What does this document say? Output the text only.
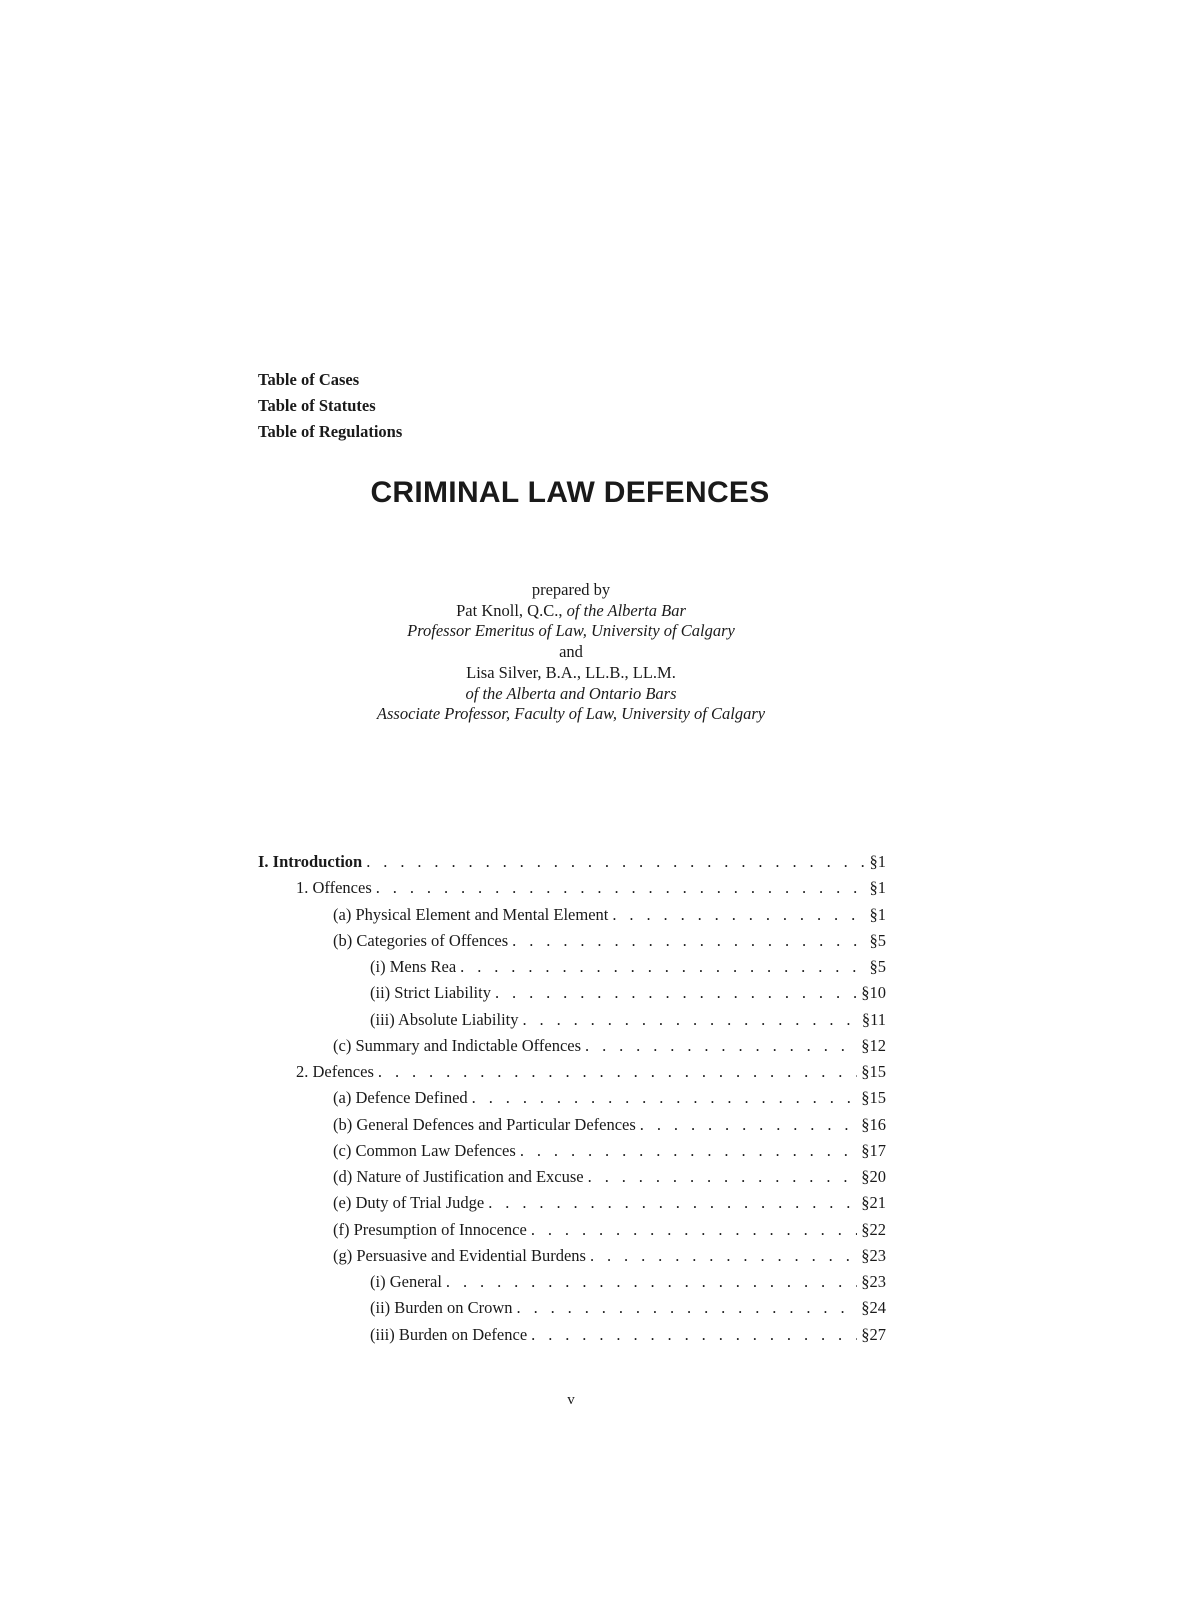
CRIMINAL LAW DEFENCES
prepared by
Pat Knoll, Q.C., of the Alberta Bar
Professor Emeritus of Law, University of Calgary
and
Lisa Silver, B.A., LL.B., LL.M.
of the Alberta and Ontario Bars
Associate Professor, Faculty of Law, University of Calgary
Table of Cases
Table of Statutes
Table of Regulations
I. Introduction . . .	§1
1. Offences . . .	§1
(a) Physical Element and Mental Element . . .	§1
(b) Categories of Offences . . .	§5
(i) Mens Rea . . .	§5
(ii) Strict Liability . . .	§10
(iii) Absolute Liability . . .	§11
(c) Summary and Indictable Offences . . .	§12
2. Defences . . .	§15
(a) Defence Defined . . .	§15
(b) General Defences and Particular Defences . . .	§16
(c) Common Law Defences . . .	§17
(d) Nature of Justification and Excuse . . .	§20
(e) Duty of Trial Judge . . .	§21
(f) Presumption of Innocence . . .	§22
(g) Persuasive and Evidential Burdens . . .	§23
(i) General . . .	§23
(ii) Burden on Crown . . .	§24
(iii) Burden on Defence . . .	§27
v
